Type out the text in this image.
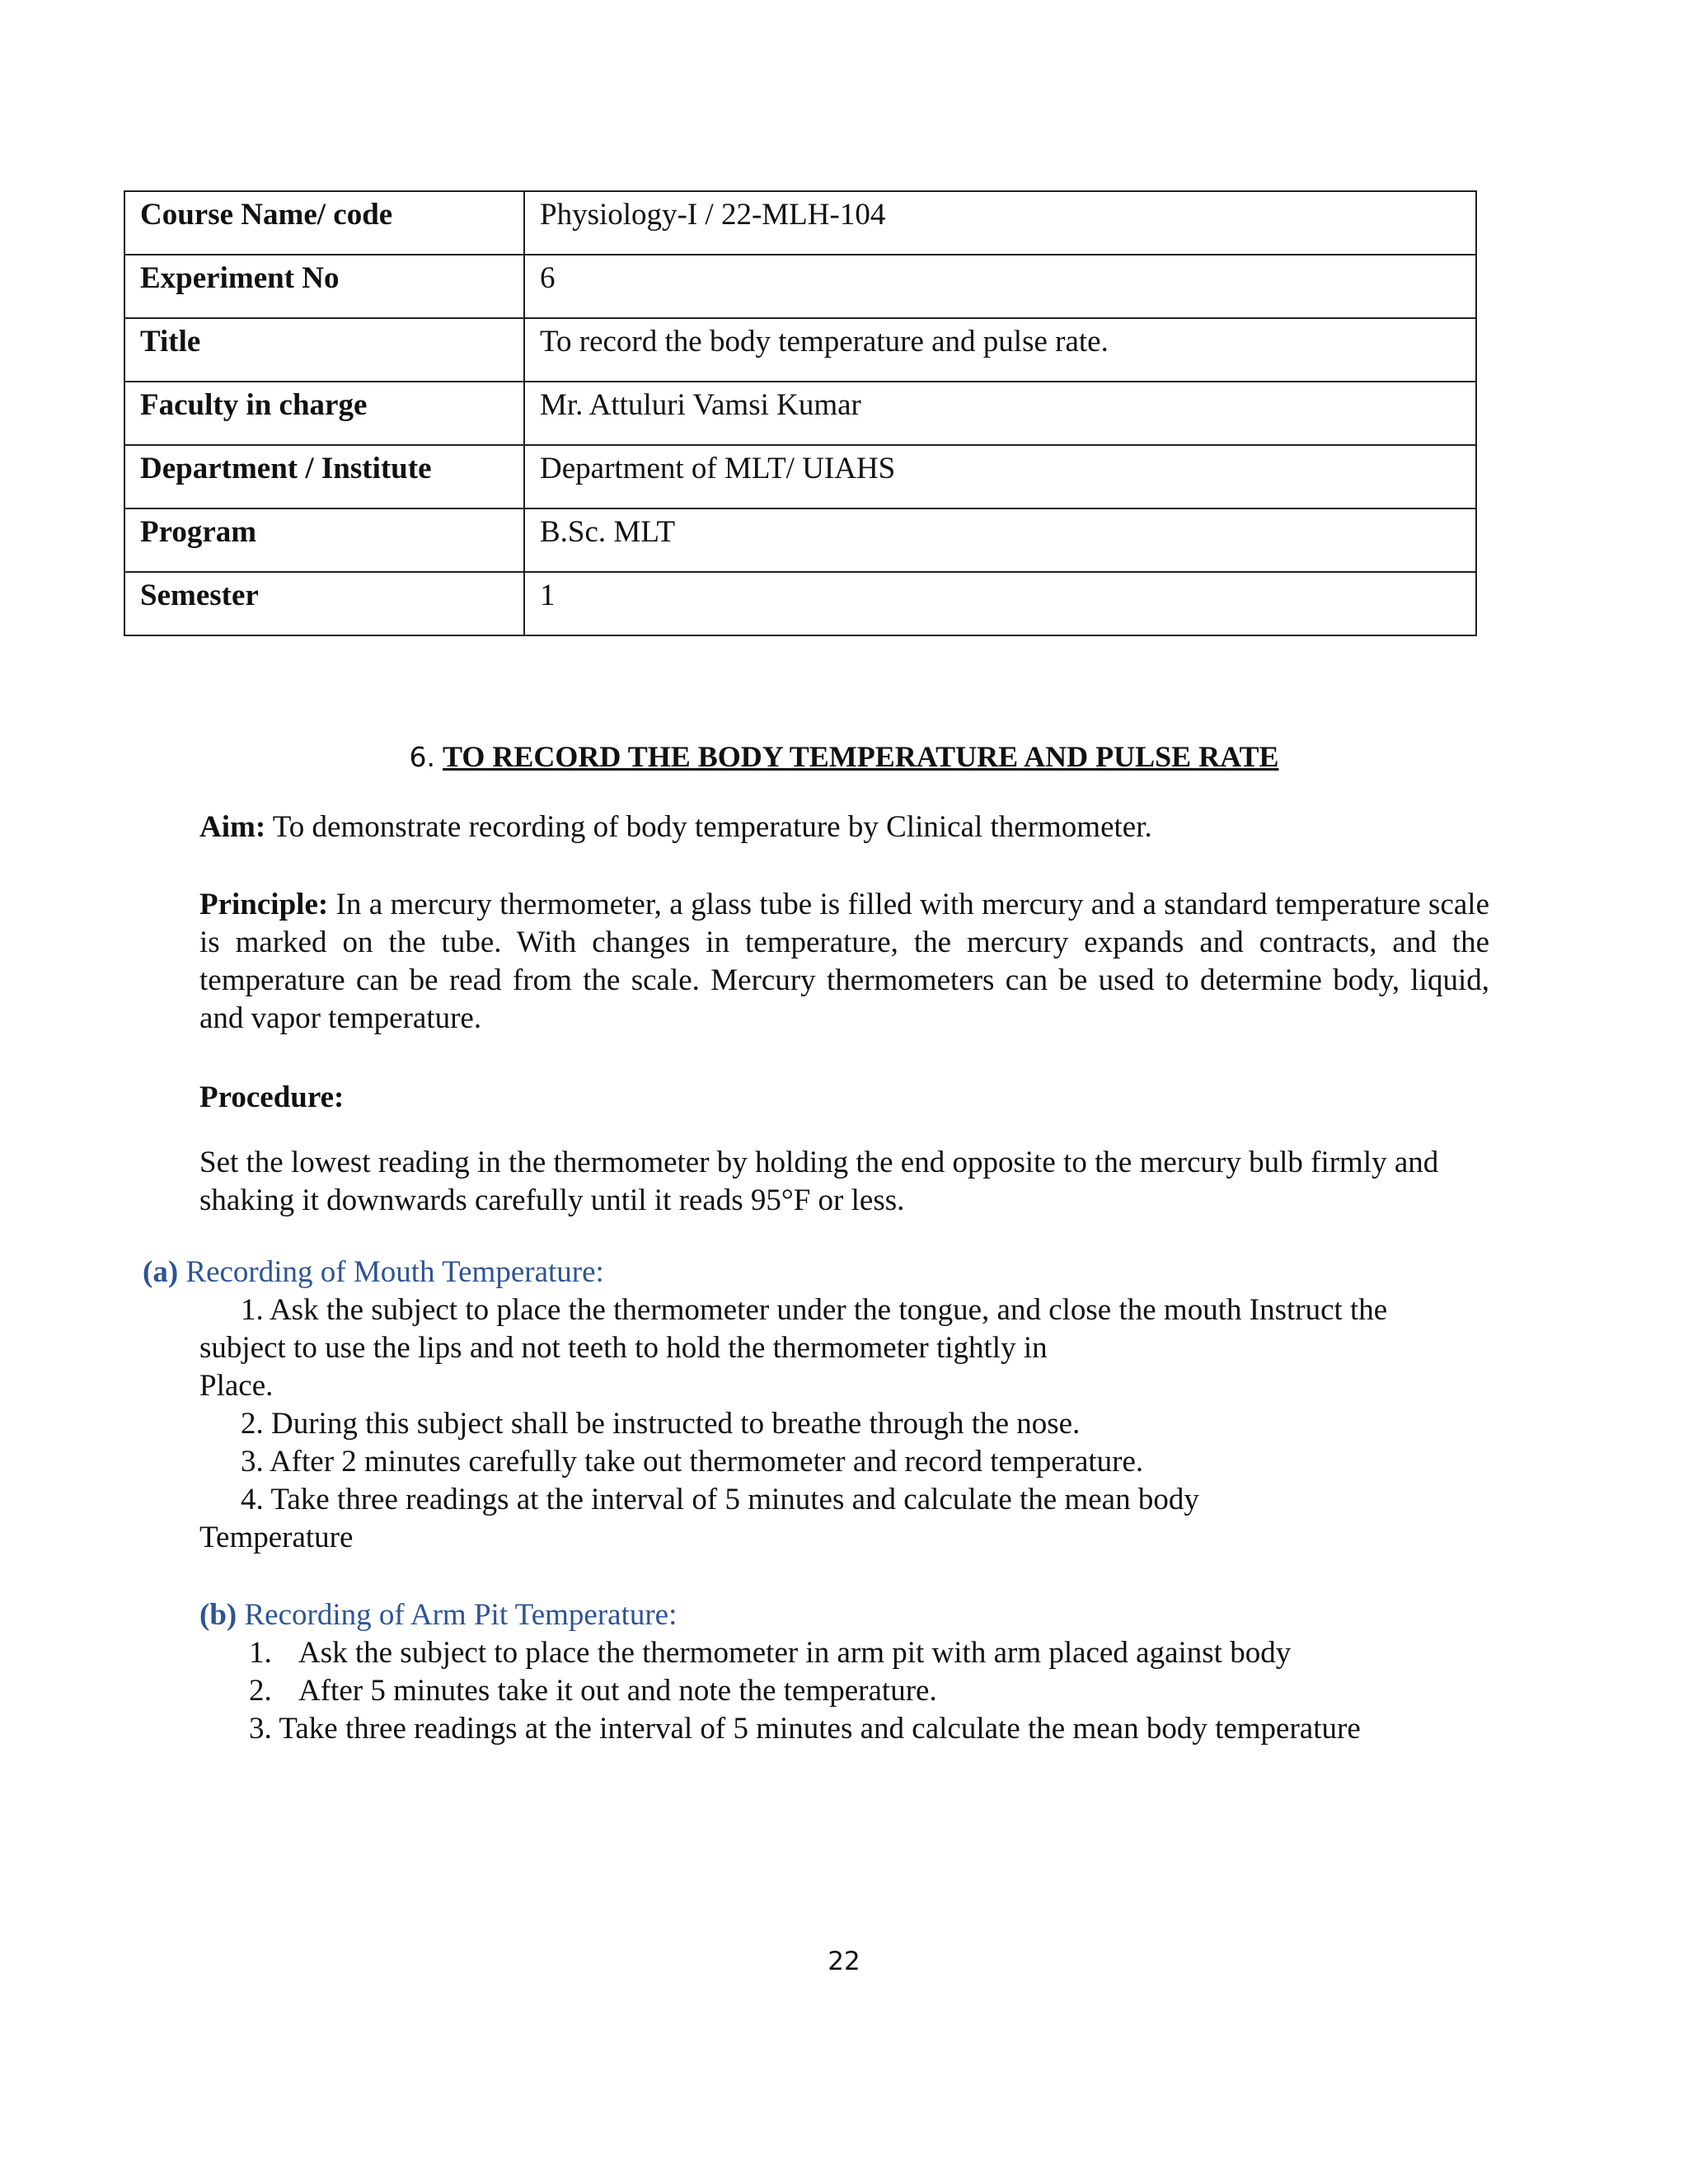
Course Name/ code	Physiology-I / 22-MLH-104
Experiment No	6
Title	To record the body temperature and pulse rate.
Faculty in charge	Mr. Attuluri Vamsi Kumar
Department / Institute	Department of MLT/ UIAHS
Program	B.Sc. MLT
Semester	1
6. TO RECORD THE BODY TEMPERATURE AND PULSE RATE

Aim: To demonstrate recording of body temperature by Clinical thermometer.

Principle: In a mercury thermometer, a glass tube is filled with mercury and a standard temperature scale is marked on the tube. With changes in temperature, the mercury expands and contracts, and the temperature can be read from the scale. Mercury thermometers can be used to determine body, liquid, and vapor temperature.

Procedure:

Set the lowest reading in the thermometer by holding the end opposite to the mercury bulb firmly and shaking it downwards carefully until it reads 95°F or less.

(a) Recording of Mouth Temperature:
1. Ask the subject to place the thermometer under the tongue, and close the mouth Instruct the
subject to use the lips and not teeth to hold the thermometer tightly in
Place.
2. During this subject shall be instructed to breathe through the nose.
3. After 2 minutes carefully take out thermometer and record temperature.
4. Take three readings at the interval of 5 minutes and calculate the mean body
Temperature
(b) Recording of Arm Pit Temperature:
1. Ask the subject to place the thermometer in arm pit with arm placed against body
2. After 5 minutes take it out and note the temperature.
3. Take three readings at the interval of 5 minutes and calculate the mean body temperature
22
